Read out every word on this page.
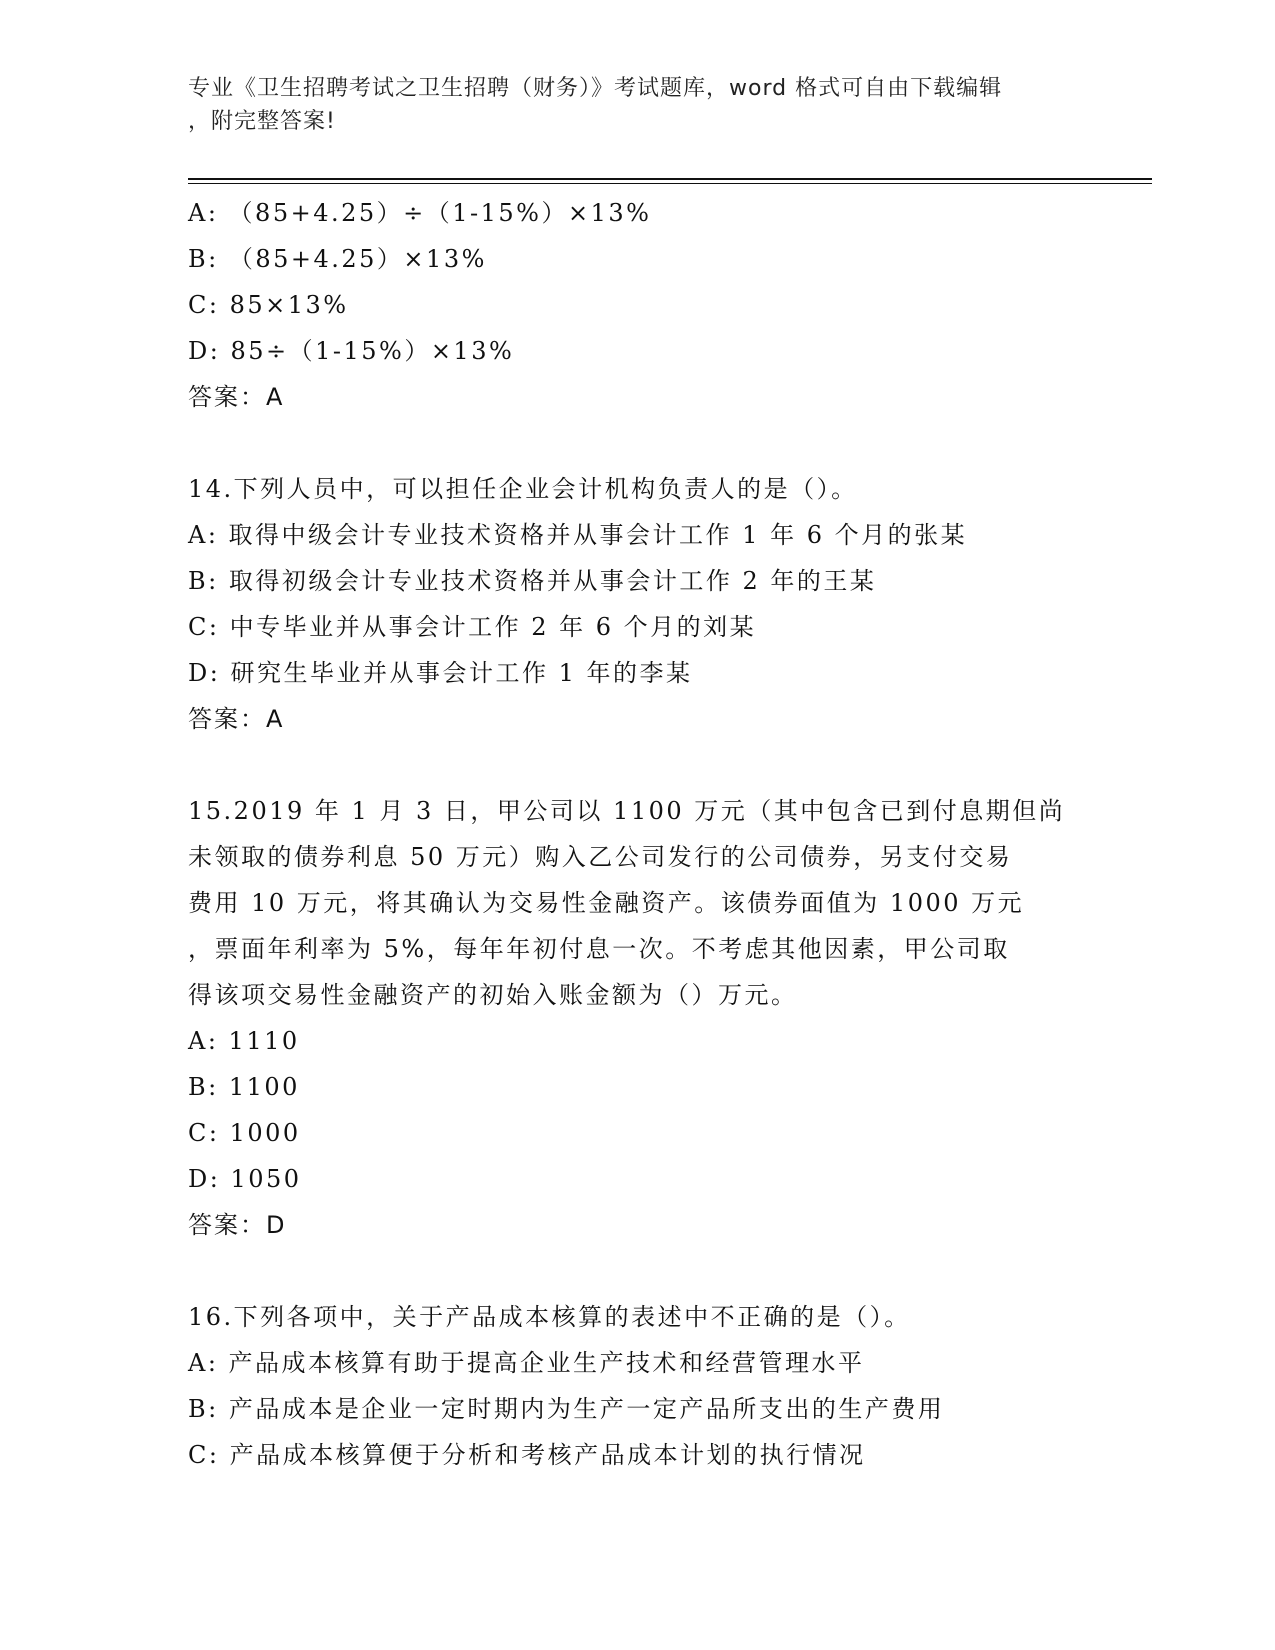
专业《卫生招聘考试之卫生招聘（财务）》考试题库，word 格式可自由下载编辑
，附完整答案!
A: （85+4.25）÷（1-15%）×13%
B: （85+4.25）×13%
C: 85×13%
D: 85÷（1-15%）×13%
答案：A
14.下列人员中，可以担任企业会计机构负责人的是（）。
A: 取得中级会计专业技术资格并从事会计工作 1 年 6 个月的张某
B: 取得初级会计专业技术资格并从事会计工作 2 年的王某
C: 中专毕业并从事会计工作 2 年 6 个月的刘某
D: 研究生毕业并从事会计工作 1 年的李某
答案：A
15.2019 年 1 月 3 日，甲公司以 1100 万元（其中包含已到付息期但尚
未领取的债券利息 50 万元）购入乙公司发行的公司债券，另支付交易
费用 10 万元，将其确认为交易性金融资产。该债券面值为 1000 万元
，票面年利率为 5%，每年年初付息一次。不考虑其他因素，甲公司取
得该项交易性金融资产的初始入账金额为（）万元。
A: 1110
B: 1100
C: 1000
D: 1050
答案：D
16.下列各项中，关于产品成本核算的表述中不正确的是（）。
A: 产品成本核算有助于提高企业生产技术和经营管理水平
B: 产品成本是企业一定时期内为生产一定产品所支出的生产费用
C: 产品成本核算便于分析和考核产品成本计划的执行情况
